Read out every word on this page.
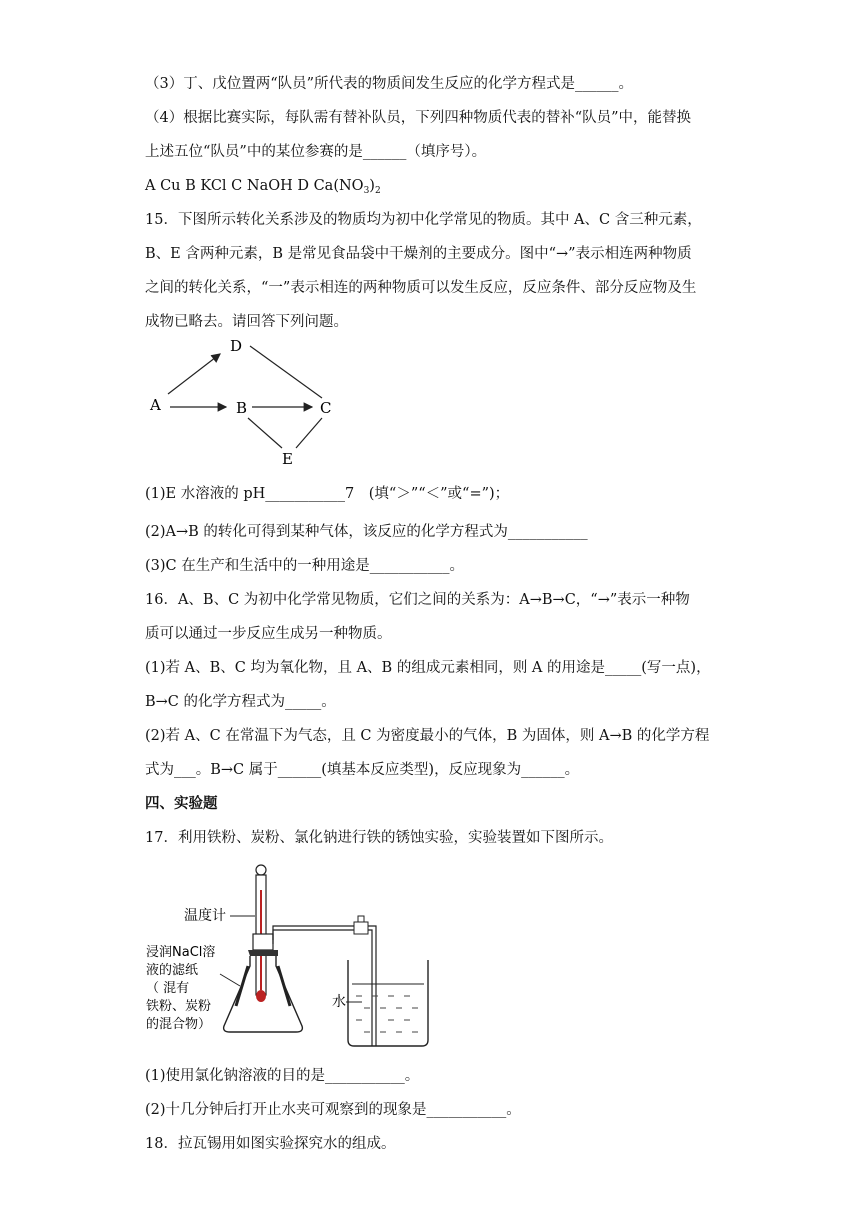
（3）丁、戊位置两“队员”所代表的物质间发生反应的化学方程式是______。
（4）根据比赛实际，每队需有替补队员，下列四种物质代表的替补“队员”中，能替换
上述五位“队员”中的某位参赛的是______（填序号）。
A Cu B KCl C NaOH D $Ca(NO_3)_2$
15．下图所示转化关系涉及的物质均为初中化学常见的物质。其中 A、C 含三种元素，
B、E 含两种元素，B 是常见食品袋中干燥剂的主要成分。图中“→”表示相连两种物质
之间的转化关系，“一”表示相连的两种物质可以发生反应，反应条件、部分反应物及生
成物已略去。请回答下列问题。
A
D
B	C
E
(1)E 水溶液的 pH___________7　(填“＞”“＜”或“=”)；
(2)A→B 的转化可得到某种气体，该反应的化学方程式为___________
(3)C 在生产和生活中的一种用途是___________。
16．A、B、C 为初中化学常见物质，它们之间的关系为：A→B→C，“→”表示一种物
质可以通过一步反应生成另一种物质。
(1)若 A、B、C 均为氧化物，且 A、B 的组成元素相同，则 A 的用途是_____(写一点)，
B→C 的化学方程式为_____。
(2)若 A、C 在常温下为气态，且 C 为密度最小的气体，B 为固体，则 A→B 的化学方程
式为___。B→C 属于______(填基本反应类型)，反应现象为______。
四、实验题
17．利用铁粉、炭粉、氯化钠进行铁的锈蚀实验，实验装置如下图所示。
温度计
水
浸润NaCl溶
液的滤纸
（ 混有
铁粉、炭粉
的混合物）
(1)使用氯化钠溶液的目的是___________。
(2)十几分钟后打开止水夹可观察到的现象是___________。
18．拉瓦锡用如图实验探究水的组成。
